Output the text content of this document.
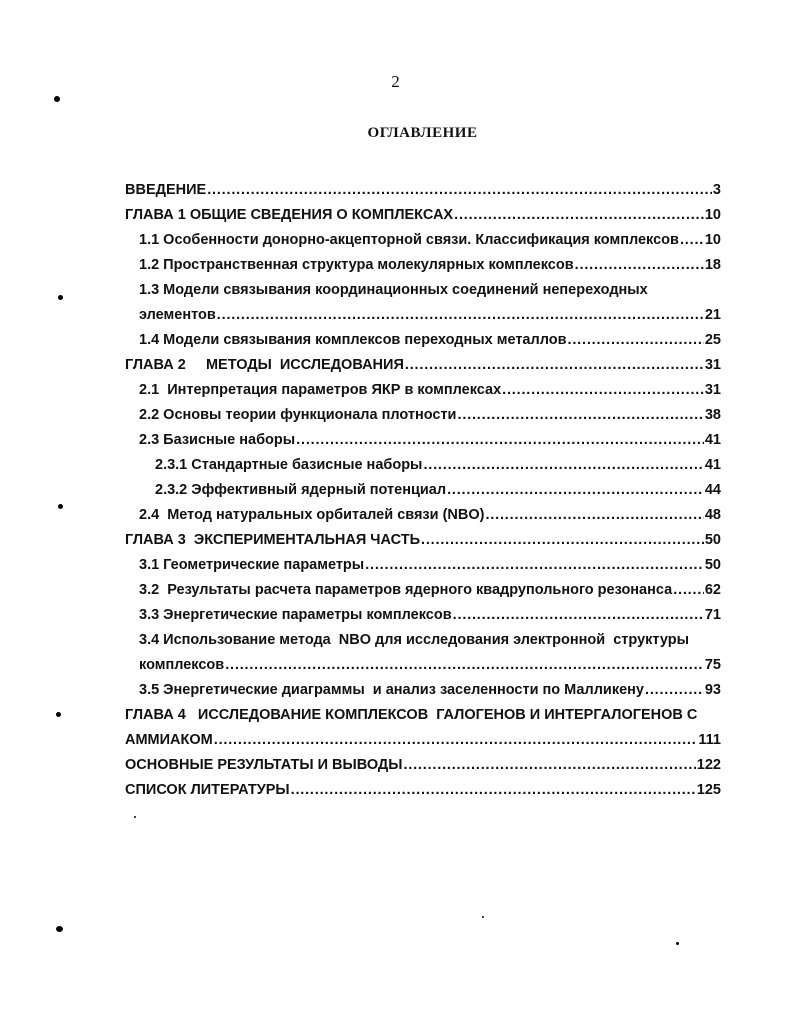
2
ОГЛАВЛЕНИЕ
ВВЕДЕНИЕ .....	3
ГЛАВА 1 ОБЩИЕ СВЕДЕНИЯ О КОМПЛЕКСАХ .....	10
1.1 Особенности донорно-акцепторной связи. Классификация комплексов ..... 10
1.2 Пространственная структура молекулярных комплексов .....	18
1.3 Модели связывания координационных соединений непереходных
элементов .....	21
1.4 Модели связывания комплексов переходных металлов .....	25
ГЛАВА 2     МЕТОДЫ  ИССЛЕДОВАНИЯ .....	31
2.1  Интерпретация параметров ЯКР в комплексах .....	31
2.2 Основы теории функционала плотности .....	38
2.3 Базисные наборы .....	41
2.3.1 Стандартные базисные наборы .....	41
2.3.2 Эффективный ядерный потенциал .....	44
2.4  Метод натуральных орбиталей связи (NBO) .....	48
ГЛАВА 3  ЭКСПЕРИМЕНТАЛЬНАЯ ЧАСТЬ .....	50
3.1 Геометрические параметры .....	50
3.2  Результаты расчета параметров ядерного квадрупольного резонанса ..... 62
3.3 Энергетические параметры комплексов .....	71
3.4 Использование метода  NBO для исследования электронной  структуры
комплексов .....	75
3.5 Энергетические диаграммы  и анализ заселенности по Малликену .....	93
ГЛАВА 4   ИССЛЕДОВАНИЕ КОМПЛЕКСОВ  ГАЛОГЕНОВ И ИНТЕРГАЛОГЕНОВ С
АММИАКОМ .....	111
ОСНОВНЫЕ РЕЗУЛЬТАТЫ И ВЫВОДЫ .....	122
СПИСОК ЛИТЕРАТУРЫ .....	125
